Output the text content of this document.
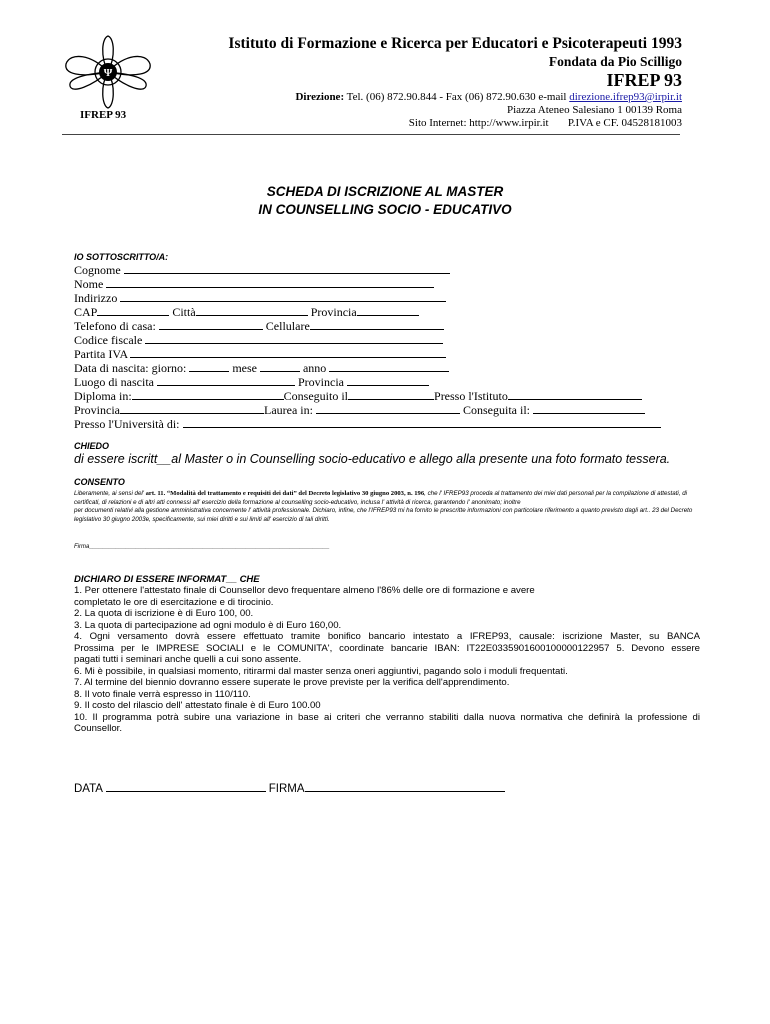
Ψ
IFREP 93
Istituto di Formazione e Ricerca per Educatori e Psicoterapeuti 1993
Fondata da Pio Scilligo
IFREP 93
Direzione: Tel. (06) 872.90.844 - Fax (06) 872.90.630 e-mail direzione.ifrep93@irpir.it
Piazza Ateneo Salesiano 1 00139 Roma
Sito Internet: http://www.irpir.it P.IVA e CF. 04528181003
SCHEDA DI ISCRIZIONE AL MASTER
IN COUNSELLING SOCIO - EDUCATIVO
IO SOTTOSCRITTO/A:
Cognome
Nome
Indirizzo
CAP	Città	Provincia
Telefono di casa:	Cellulare
Codice fiscale
Partita IVA
Data di nascita: giorno:	mese	anno
Luogo di nascita	Provincia
Diploma in:	Conseguito il	Presso l'Istituto
Provincia	Laurea in:	Conseguita il:
Presso l'Università di:
CHIEDO
di essere iscritt__al Master o in Counselling socio-educativo e allego alla presente una foto formato tessera.
CONSENTO
Liberamente, ai sensi del' art. 11. “Modalità del trattamento e requisiti dei dati” del Decreto legislativo 30 giugno 2003, n. 196, che l' IFREP93 proceda al trattamento dei miei dati personali per la compilazione di attestati, di certificati, di relazioni e di altri atti connessi all' esercizio della formazione al counselling socio-educativo, inclusa l' attività di ricerca, garantendo l' anonimato; inoltre
per documenti relativi alla gestione amministrativa concernente l' attività professionale. Dichiaro, infine, che l'IFREP93 mi ha fornito le prescritte informazioni con particolare riferimento a quanto previsto dagli art.. 23 del Decreto legislativo 30 giugno 2003e, specificamente, sui miei diritti e sui limiti all' esercizio di tali diritti.
Firma________________________________________________________________________
DICHIARO DI ESSERE INFORMAT__ CHE
1. Per ottenere l'attestato finale di Counsellor devo frequentare almeno l'86% delle ore di formazione e avere
completato le ore di esercitazione e di tirocinio.
2. La quota di iscrizione è di Euro 100, 00.
3. La quota di partecipazione ad ogni modulo è di Euro 160,00.
4. Ogni versamento dovrà essere effettuato tramite bonifico bancario intestato a IFREP93, causale: iscrizione Master, su BANCA
Prossima per le IMPRESE SOCIALI e le COMUNITA', coordinate bancarie IBAN: IT22E0335901600100000122957 5. Devono essere
pagati tutti i seminari anche quelli a cui sono assente.
6. Mi è possibile, in qualsiasi momento, ritirarmi dal master senza oneri aggiuntivi, pagando solo i moduli frequentati.
7. Al termine del biennio dovranno essere superate le prove previste per la verifica dell'apprendimento.
8. Il voto finale verrà espresso in 110/110.
9. Il costo del rilascio dell' attestato finale è di Euro 100.00
10. Il programma potrà subire una variazione in base ai criteri che verranno stabiliti dalla nuova normativa che definirà la professione di
Counsellor.
DATA	FIRMA
